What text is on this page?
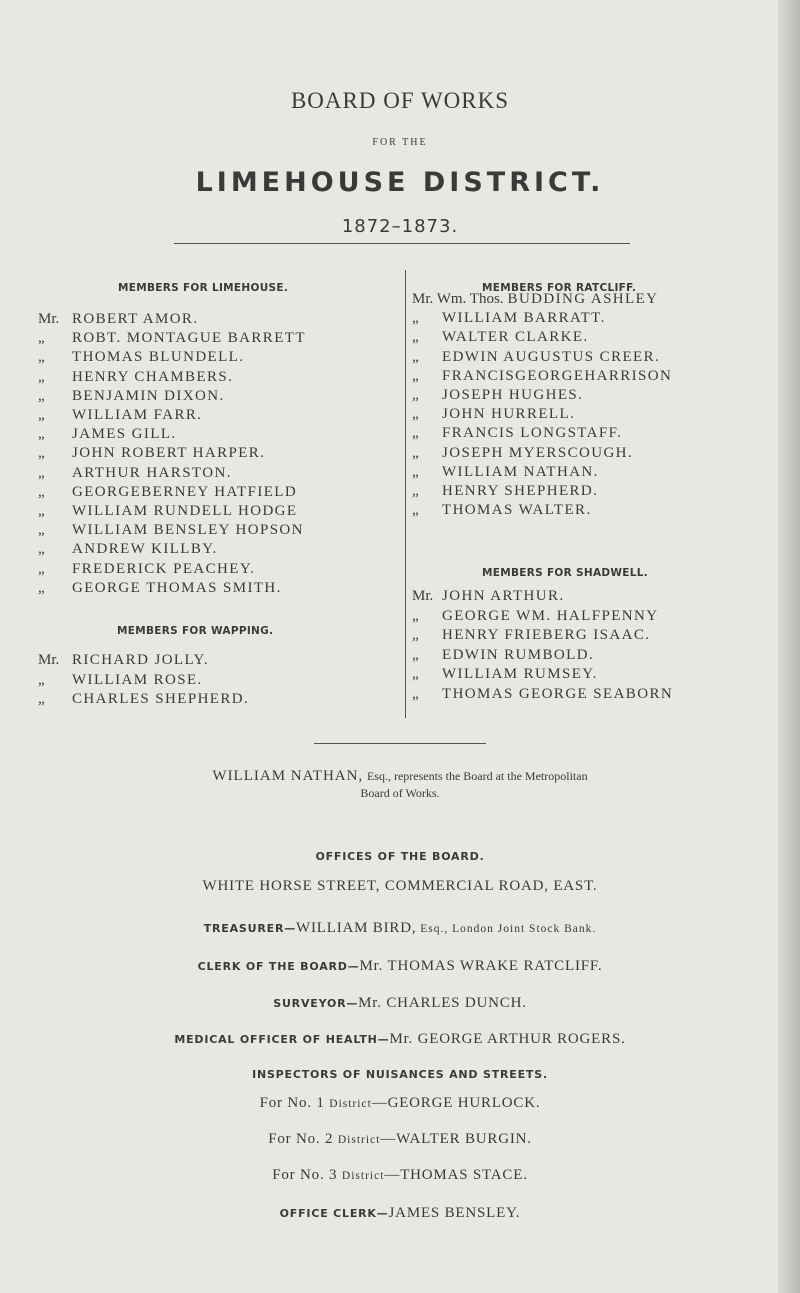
BOARD OF WORKS
FOR THE
LIMEHOUSE DISTRICT.
1872–1873.
MEMBERS FOR LIMEHOUSE.
Mr. ROBERT AMOR.
„ ROBT. MONTAGUE BARRETT
„ THOMAS BLUNDELL.
„ HENRY CHAMBERS.
„ BENJAMIN DIXON.
„ WILLIAM FARR.
„ JAMES GILL.
„ JOHN ROBERT HARPER.
„ ARTHUR HARSTON.
„ GEORGEBERNEY HATFIELD
„ WILLIAM RUNDELL HODGE
„ WILLIAM BENSLEY HOPSON
„ ANDREW KILLBY.
„ FREDERICK PEACHEY.
„ GEORGE THOMAS SMITH.
MEMBERS FOR WAPPING.
Mr. RICHARD JOLLY.
„ WILLIAM ROSE.
„ CHARLES SHEPHERD.
MEMBERS FOR RATCLIFF.
Mr. Wm. Thos. BUDDING ASHLEY
„ WILLIAM BARRATT.
„ WALTER CLARKE.
„ EDWIN AUGUSTUS CREER.
„ FRANCISGEORGEHARRISON
„ JOSEPH HUGHES.
„ JOHN HURRELL.
„ FRANCIS LONGSTAFF.
„ JOSEPH MYERSCOUGH.
„ WILLIAM NATHAN.
„ HENRY SHEPHERD.
„ THOMAS WALTER.
MEMBERS FOR SHADWELL.
Mr. JOHN ARTHUR.
„ GEORGE WM. HALFPENNY
„ HENRY FRIEBERG ISAAC.
„ EDWIN RUMBOLD.
„ WILLIAM RUMSEY.
„ THOMAS GEORGE SEABORN
WILLIAM NATHAN, Esq., represents the Board at the Metropolitan
Board of Works.
OFFICES OF THE BOARD.
WHITE HORSE STREET, COMMERCIAL ROAD, EAST.
TREASURER—WILLIAM BIRD, Esq., London Joint Stock Bank.
CLERK OF THE BOARD—Mr. THOMAS WRAKE RATCLIFF.
SURVEYOR—Mr. CHARLES DUNCH.
MEDICAL OFFICER OF HEALTH—Mr. GEORGE ARTHUR ROGERS.
INSPECTORS OF NUISANCES AND STREETS.
For No. 1 District—GEORGE HURLOCK.
For No. 2 District—WALTER BURGIN.
For No. 3 District—THOMAS STACE.
OFFICE CLERK—JAMES BENSLEY.
